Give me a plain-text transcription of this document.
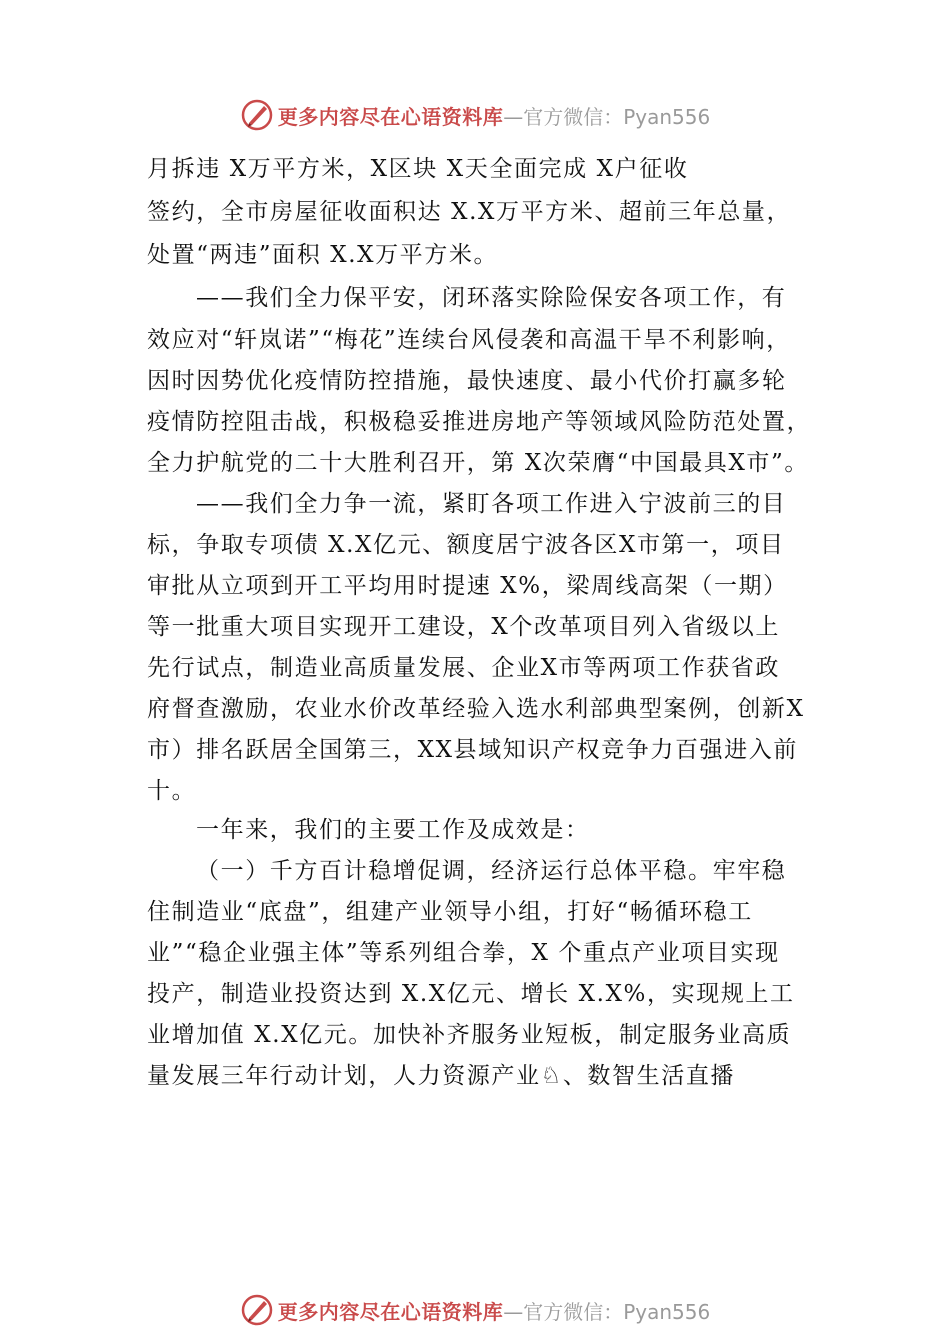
更多内容尽在心语资料库 —官方微信：Pyan556
月拆违 X万平方米，X区块 X天全面完成 X户征收
签约，全市房屋征收面积达 X.X万平方米、超前三年总量，
处置“两违”面积 X.X万平方米。
——我们全力保平安，闭环落实除险保安各项工作，有
效应对“轩岚诺”“梅花”连续台风侵袭和高温干旱不利影响，
因时因势优化疫情防控措施，最快速度、最小代价打赢多轮
疫情防控阻击战，积极稳妥推进房地产等领域风险防范处置，
全力护航党的二十大胜利召开，第 X次荣膺“中国最具X市”。
——我们全力争一流，紧盯各项工作进入宁波前三的目
标，争取专项债 X.X亿元、额度居宁波各区X市第一，项目
审批从立项到开工平均用时提速 X%，梁周线高架（一期）
等一批重大项目实现开工建设，X个改革项目列入省级以上
先行试点，制造业高质量发展、企业X市等两项工作获省政
府督查激励，农业水价改革经验入选水利部典型案例，创新X
市）排名跃居全国第三，XX县域知识产权竞争力百强进入前
十。
一年来，我们的主要工作及成效是：
（一）千方百计稳增促调，经济运行总体平稳。牢牢稳
住制造业“底盘”，组建产业领导小组，打好“畅循环稳工
业”“稳企业强主体”等系列组合拳，X 个重点产业项目实现
投产，制造业投资达到 X.X亿元、增长 X.X%，实现规上工
业增加值 X.X亿元。加快补齐服务业短板，制定服务业高质
量发展三年行动计划，人力资源产业♘、数智生活直播
更多内容尽在心语资料库 —官方微信：Pyan556
